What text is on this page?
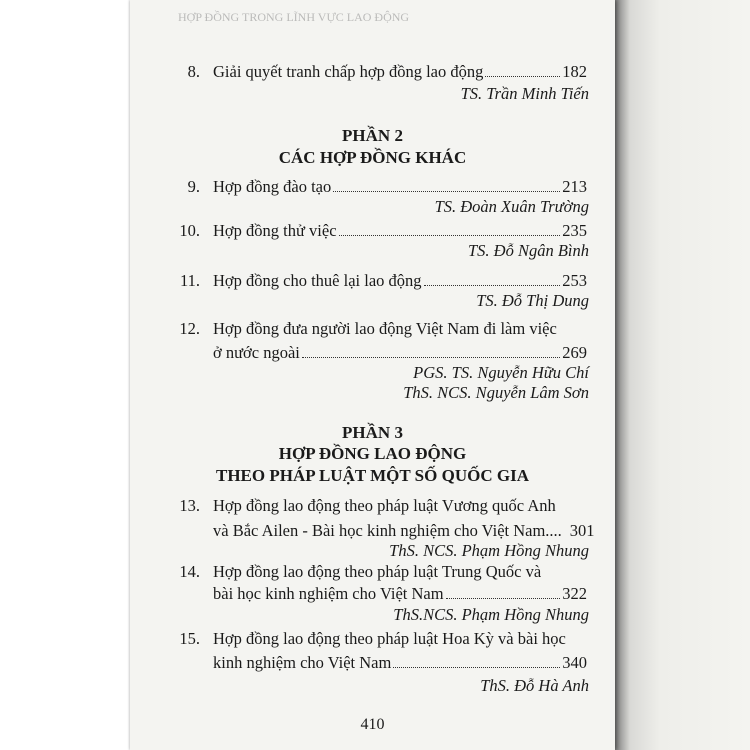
HỢP ĐỒNG TRONG LĨNH VỰC LAO ĐỘNG
8. Giải quyết tranh chấp hợp đồng lao động	182
TS. Trần Minh Tiến
PHẦN 2
CÁC HỢP ĐỒNG KHÁC
9. Hợp đồng đào tạo	213
TS. Đoàn Xuân Trường
10. Hợp đồng thử việc	235
TS. Đỗ Ngân Bình
11. Hợp đồng cho thuê lại lao động	253
TS. Đỗ Thị Dung
12. Hợp đồng đưa người lao động Việt Nam đi làm việc
ở nước ngoài	269
PGS. TS. Nguyễn Hữu Chí
ThS. NCS. Nguyễn Lâm Sơn
PHẦN 3
HỢP ĐỒNG LAO ĐỘNG
THEO PHÁP LUẬT MỘT SỐ QUỐC GIA
13. Hợp đồng lao động theo pháp luật Vương quốc Anh
và Bắc Ailen - Bài học kinh nghiệm cho Việt Nam.... 301
ThS. NCS. Phạm Hồng Nhung
14. Hợp đồng lao động theo pháp luật Trung Quốc và
bài học kinh nghiệm cho Việt Nam	322
ThS.NCS. Phạm Hồng Nhung
15. Hợp đồng lao động theo pháp luật Hoa Kỳ và bài học
kinh nghiệm cho Việt Nam	340
ThS. Đỗ Hà Anh
410
